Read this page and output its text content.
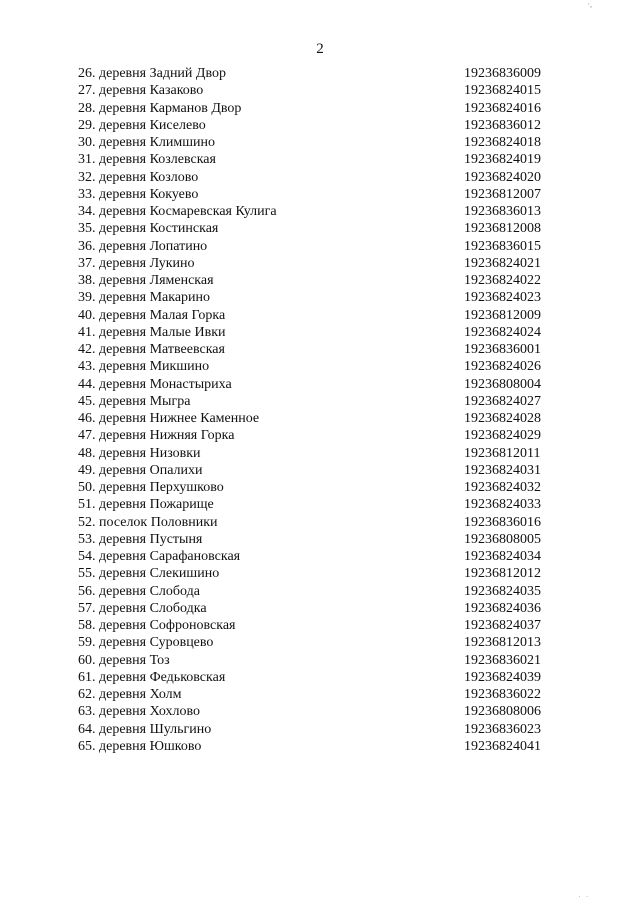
·,
2
26. деревня Задний Двор	19236836009
27. деревня Казаково	19236824015
28. деревня Карманов Двор	19236824016
29. деревня Киселево	19236836012
30. деревня Климшино	19236824018
31. деревня Козлевская	19236824019
32. деревня Козлово	19236824020
33. деревня Кокуево	19236812007
34. деревня Космаревская Кулига	19236836013
35. деревня Костинская	19236812008
36. деревня Лопатино	19236836015
37. деревня Лукино	19236824021
38. деревня Ляменская	19236824022
39. деревня Макарино	19236824023
40. деревня Малая Горка	19236812009
41. деревня Малые Ивки	19236824024
42. деревня Матвеевская	19236836001
43. деревня Микшино	19236824026
44. деревня Монастыриха	19236808004
45. деревня Мыгра	19236824027
46. деревня Нижнее Каменное	19236824028
47. деревня Нижняя Горка	19236824029
48. деревня Низовки	19236812011
49. деревня Опалихи	19236824031
50. деревня Перхушково	19236824032
51. деревня Пожарище	19236824033
52. поселок Половники	19236836016
53. деревня Пустыня	19236808005
54. деревня Сарафановская	19236824034
55. деревня Слекишино	19236812012
56. деревня Слобода	19236824035
57. деревня Слободка	19236824036
58. деревня Софроновская	19236824037
59. деревня Суровцево	19236812013
60. деревня Тоз	19236836021
61. деревня Федьковская	19236824039
62. деревня Холм	19236836022
63. деревня Хохлово	19236808006
64. деревня Шульгино	19236836023
65. деревня Юшково	19236824041
. .
